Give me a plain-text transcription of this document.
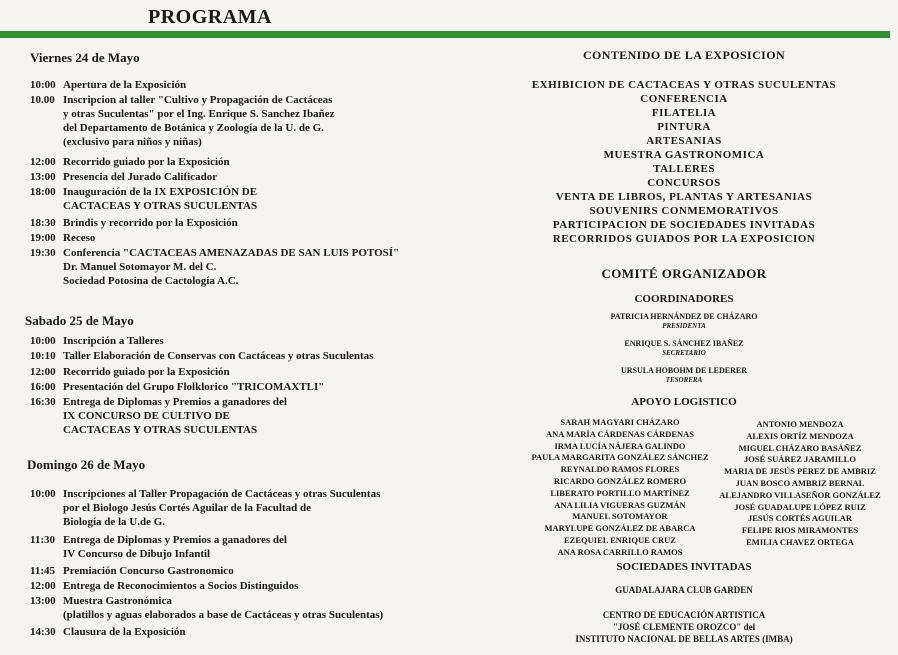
PROGRAMA
Viernes 24 de Mayo
10:00 Apertura de la Exposición
10.00 Inscripcion al taller "Cultivo y Propagación de Cactáceas
y otras Suculentas" por el Ing. Enrique S. Sanchez Ibañez
del Departamento de Botánica y Zoología de la U. de G.
(exclusivo para niños y niñas)
12:00 Recorrido guiado por la Exposición
13:00 Presencia del Jurado Calificador
18:00 Inauguración de la IX EXPOSICIÓN DE
CACTACEAS Y OTRAS SUCULENTAS
18:30 Brindis y recorrido por la Exposición
19:00 Receso
19:30 Conferencia "CACTACEAS AMENAZADAS DE SAN LUIS POTOSÍ"
Dr. Manuel Sotomayor M. del C.
Sociedad Potosina de Cactología A.C.
Sabado 25 de Mayo
10:00 Inscripción a Talleres
10:10 Taller Elaboración de Conservas con Cactáceas y otras Suculentas
12:00 Recorrido guiado por la Exposición
16:00 Presentación del Grupo Flolklorico "TRICOMAXTLI"
16:30 Entrega de Diplomas y Premios a ganadores del
IX CONCURSO DE CULTIVO DE
CACTACEAS Y OTRAS SUCULENTAS
Domingo 26 de Mayo
10:00 Inscripciones al Taller Propagación de Cactáceas y otras Suculentas
por el Biologo Jesús Cortés Aguilar de la Facultad de
Biología de la U.de G.
11:30 Entrega de Diplomas y Premios a ganadores del
IV Concurso de Dibujo Infantil
11:45 Premiación Concurso Gastronomico
12:00 Entrega de Reconocimientos a Socios Distinguidos
13:00 Muestra Gastronómica
(platillos y aguas elaborados a base de Cactáceas y otras Suculentas)
14:30 Clausura de la Exposición
CONTENIDO DE LA EXPOSICION
EXHIBICION DE CACTACEAS Y OTRAS SUCULENTAS
CONFERENCIA
FILATELIA
PINTURA
ARTESANIAS
MUESTRA GASTRONOMICA
TALLERES
CONCURSOS
VENTA DE LIBROS, PLANTAS Y ARTESANIAS
SOUVENIRS CONMEMORATIVOS
PARTICIPACION DE SOCIEDADES INVITADAS
RECORRIDOS GUIADOS POR LA EXPOSICION
COMITÉ ORGANIZADOR
COORDINADORES
PATRICIA HERNÁNDEZ DE CHÁZARO
PRESIDENTA
ENRIQUE S. SÁNCHEZ IBAÑEZ
SECRETARIO
URSULA HOBOHM DE LEDERER
TESORERA
APOYO LOGISTICO
SARAH MAGYARI CHÁZARO
ANA MARÍA CÁRDENAS CÁRDENAS
IRMA LUCÍA NÁJERA GALINDO
PAULA MARGARITA GONZÁLEZ SÁNCHEZ
REYNALDO RAMOS FLORES
RICARDO GONZÁLEZ ROMERO
LIBERATO PORTILLO MARTÍNEZ
ANA LILIA VIGUERAS GUZMÁN
MANUEL SOTOMAYOR
MARYLUPE GONZÁLEZ DE ABARCA
EZEQUIEL ENRIQUE CRUZ
ANA ROSA CARRILLO RAMOS
ANTONIO MENDOZA
ALEXIS ORTÍZ MENDOZA
MIGUEL CHÁZARO BASÁÑEZ
JOSÉ SUÁREZ JARAMILLO
MARIA DE JESÚS PEREZ DE AMBRIZ
JUAN BOSCO AMBRIZ BERNAL
ALEJANDRO VILLASEÑOR GONZÁLEZ
JOSÉ GUADALUPE LÓPEZ RUIZ
JESÚS CORTÉS AGUILAR
FELIPE RIOS MIRAMONTES
EMILIA CHAVEZ ORTEGA
SOCIEDADES INVITADAS
GUADALAJARA CLUB GARDEN
CENTRO DE EDUCACIÓN ARTISTICA
"JOSÉ CLEMENTE OROZCO" del
INSTITUTO NACIONAL DE BELLAS ARTES (IMBA)
